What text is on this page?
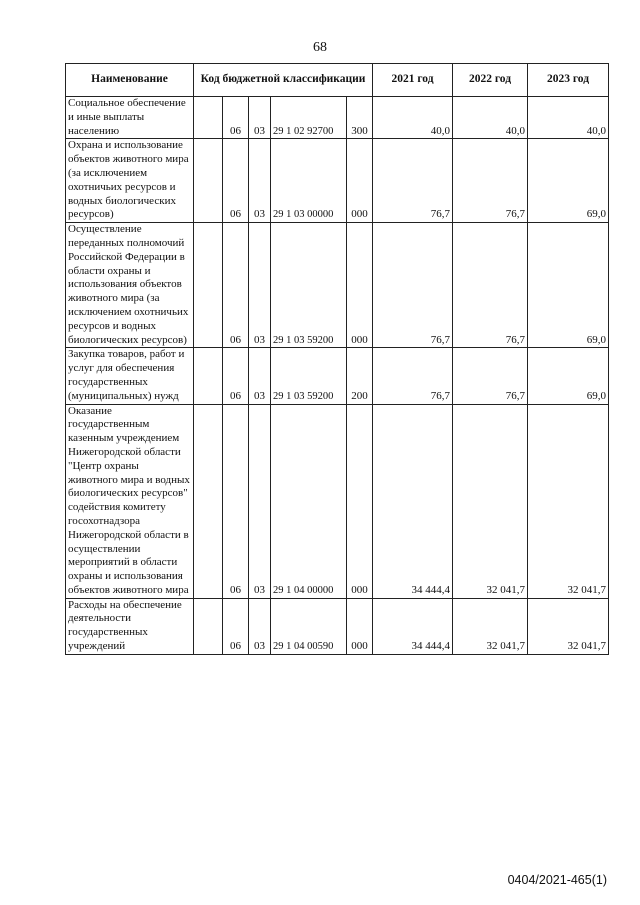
68
Наименование	Код бюджетной классификации					2021 год	2022 год	2023 год
Социальное обеспечение и иные выплаты населению		06	03	29 1 02 92700	300	40,0	40,0	40,0
Охрана и использование объектов животного мира (за исключением охотничьих ресурсов и водных биологических ресурсов)		06	03	29 1 03 00000	000	76,7	76,7	69,0
Осуществление переданных полномочий Российской Федерации в области охраны и использования объектов животного мира (за исключением охотничьих ресурсов и водных биологических ресурсов)		06	03	29 1 03 59200	000	76,7	76,7	69,0
Закупка товаров, работ и услуг для обеспечения государственных (муниципальных) нужд		06	03	29 1 03 59200	200	76,7	76,7	69,0
Оказание государственным казенным учреждением Нижегородской области "Центр охраны животного мира и водных биологических ресурсов" содействия комитету госохотнадзора Нижегородской области в осуществлении мероприятий в области охраны и использования объектов животного мира		06	03	29 1 04 00000	000	34 444,4	32 041,7	32 041,7
Расходы на обеспечение деятельности государственных учреждений		06	03	29 1 04 00590	000	34 444,4	32 041,7	32 041,7
0404/2021-465(1)
